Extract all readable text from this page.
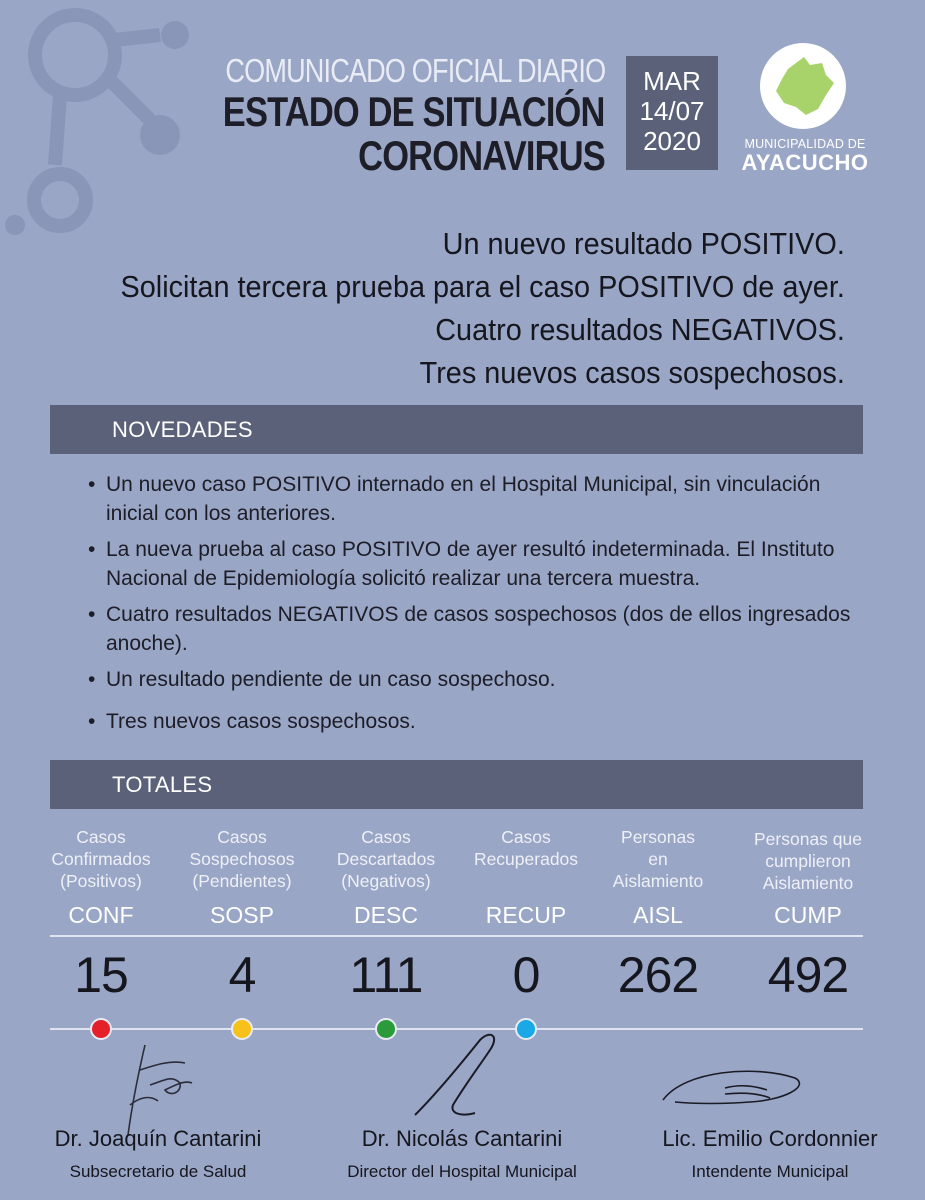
COMUNICADO OFICIAL DIARIO
ESTADO DE SITUACIÓN
CORONAVIRUS
MAR
14/07
2020	MUNICIPALIDAD DE
AYACUCHO
Un nuevo resultado POSITIVO.
Solicitan tercera prueba para el caso POSITIVO de ayer.
Cuatro resultados NEGATIVOS.
Tres nuevos casos sospechosos.
NOVEDADES
• Un nuevo caso POSITIVO internado en el Hospital Municipal, sin vinculación inicial con los anteriores.
• La nueva prueba al caso POSITIVO de ayer resultó indeterminada. El Instituto Nacional de Epidemiología solicitó realizar una tercera muestra.
• Cuatro resultados NEGATIVOS de casos sospechosos (dos de ellos ingresados anoche).
• Un resultado pendiente de un caso sospechoso.
• Tres nuevos casos sospechosos.
TOTALES
Casos
Confirmados
(Positivos)
CONF
15
Casos
Sospechosos
(Pendientes)
SOSP
4
Casos
Descartados
(Negativos)
DESC
111
Casos
Recuperados
RECUP
0
Personas
en
Aislamiento
AISL
262
Personas que
cumplieron
Aislamiento
CUMP
492
Dr. Joaquín Cantarini
Subsecretario de Salud
Dr. Nicolás Cantarini
Director del Hospital Municipal
Lic. Emilio Cordonnier
Intendente Municipal
